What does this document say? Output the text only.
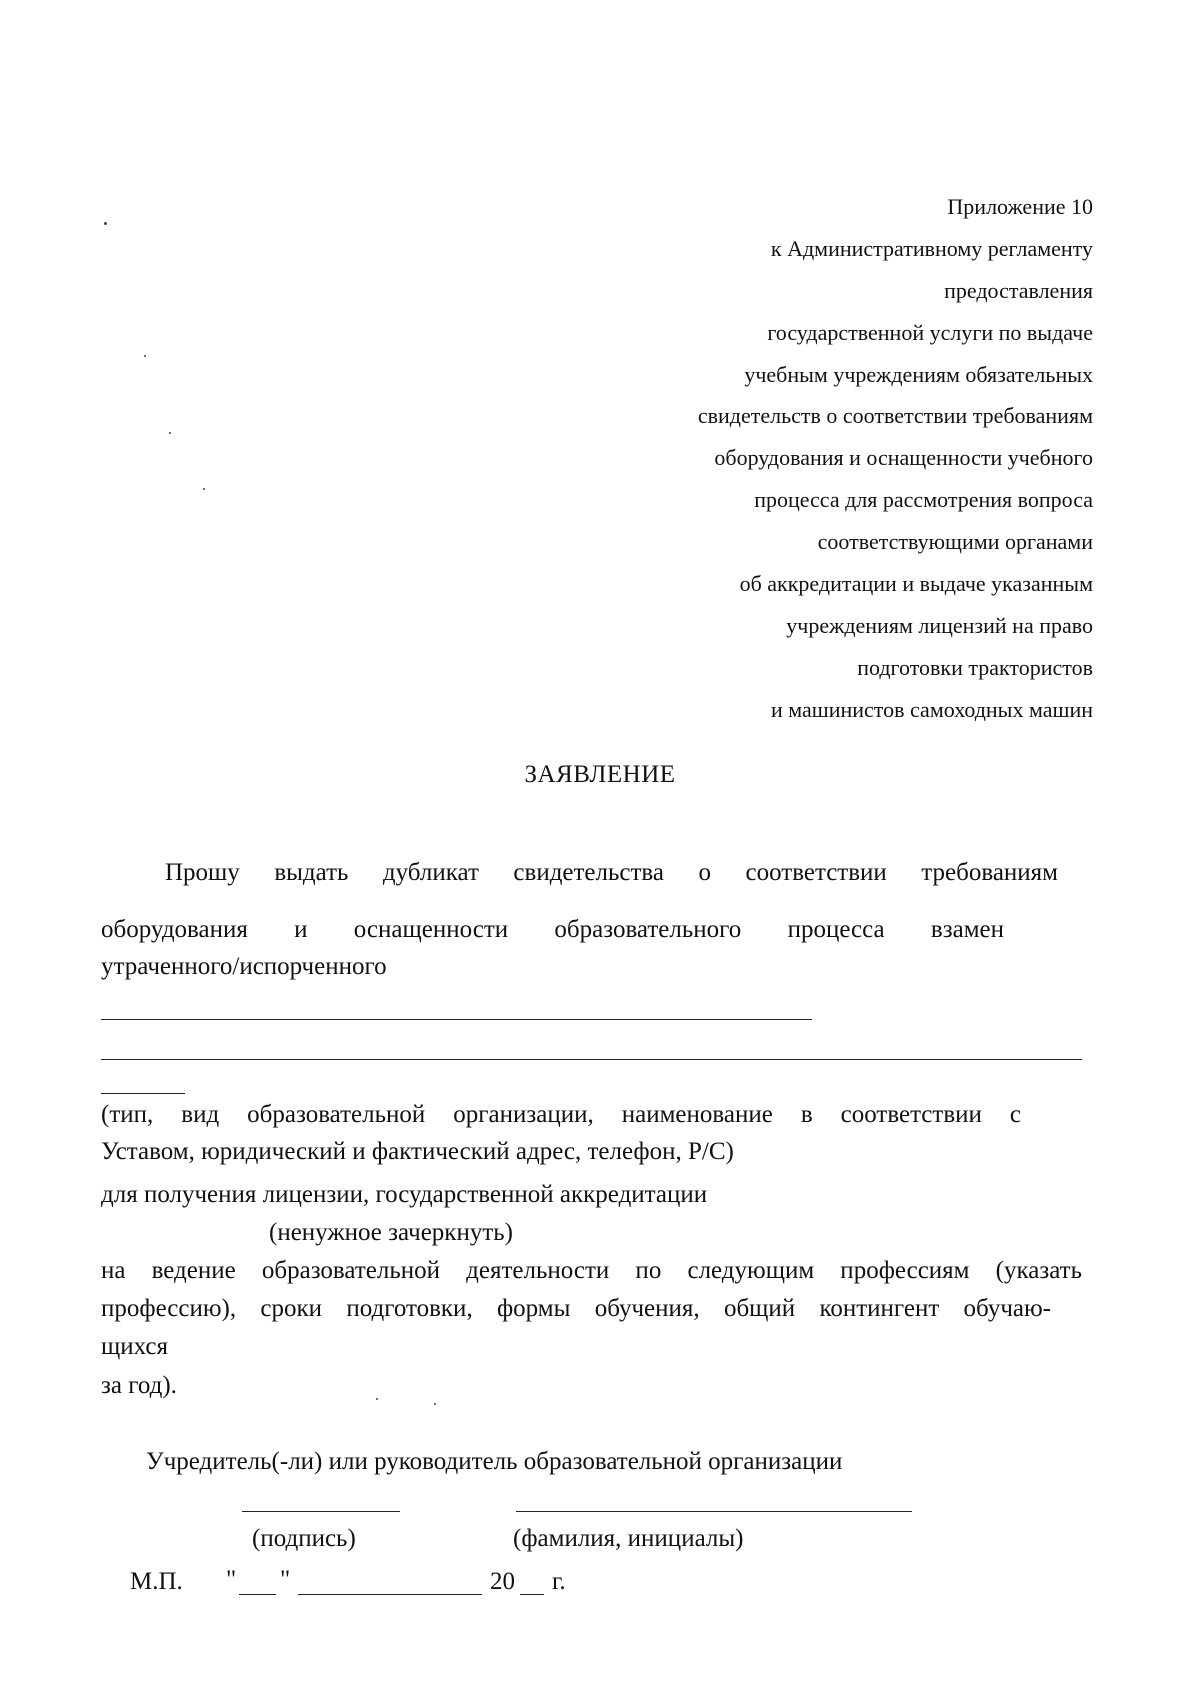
Приложение 10
к Административному регламенту
предоставления
государственной услуги по выдаче
учебным учреждениям обязательных
свидетельств о соответствии требованиям
оборудования и оснащенности учебного
процесса для рассмотрения вопроса
соответствующими органами
об аккредитации и выдаче указанным
учреждениям лицензий на право
подготовки трактористов
и машинистов самоходных машин
ЗАЯВЛЕНИЕ
Прошу выдать дубликат свидетельства о соответствии требованиям
оборудования и оснащенности образовательного процесса взамен
утраченного/испорченного
(тип, вид образовательной организации, наименование в соответствии с
Уставом, юридический и фактический адрес, телефон, Р/С)
для получения лицензии, государственной аккредитации
(ненужное зачеркнуть)
на ведение образовательной деятельности по следующим профессиям (указать
профессию), сроки подготовки, формы обучения, общий контингент обучаю-
щихся
за год).
Учредитель(-ли) или руководитель образовательной организации
(подпись)	(фамилия, инициалы)
М.П. " "	20 г.
